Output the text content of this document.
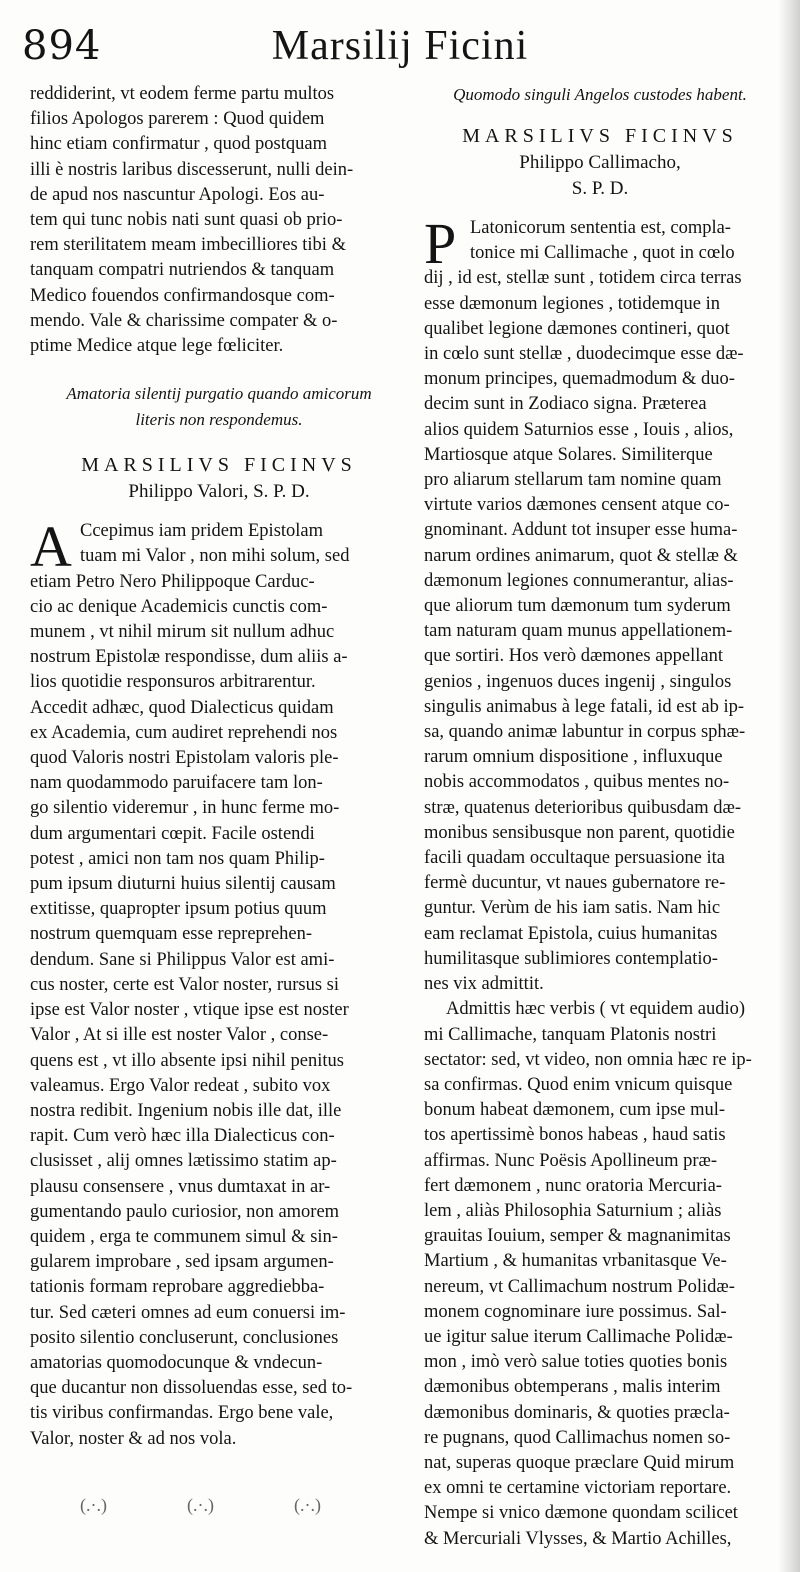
894	Marsilij Ficini
reddiderint, vt eodem ferme partu multos
filios Apologos parerem : Quod quidem
hinc etiam confirmatur , quod postquam
illi è nostris laribus discesserunt, nulli dein-
de apud nos nascuntur Apologi. Eos au-
tem qui tunc nobis nati sunt quasi ob prio-
rem sterilitatem meam imbecilliores tibi &
tanquam compatri nutriendos & tanquam
Medico fouendos confirmandosque com-
mendo. Vale & charissime compater & o-
ptime Medice atque lege fœliciter.
Amatoria silentij purgatio quando amicorum
literis non respondemus.
MARSILIVS FICINVS
Philippo Valori, S. P. D.
A Ccepimus iam pridem Epistolam
tuam mi Valor , non mihi solum, sed
etiam Petro Nero Philippoque Carduc-
cio ac denique Academicis cunctis com-
munem , vt nihil mirum sit nullum adhuc
nostrum Epistolæ respondisse, dum aliis a-
lios quotidie responsuros arbitrarentur.
Accedit adhæc, quod Dialecticus quidam
ex Academia, cum audiret reprehendi nos
quod Valoris nostri Epistolam valoris ple-
nam quodammodo paruifacere tam lon-
go silentio videremur , in hunc ferme mo-
dum argumentari cœpit. Facile ostendi
potest , amici non tam nos quam Philip-
pum ipsum diuturni huius silentij causam
extitisse, quapropter ipsum potius quum
nostrum quemquam esse repreprehen-
dendum. Sane si Philippus Valor est ami-
cus noster, certe est Valor noster, rursus si
ipse est Valor noster , vtique ipse est noster
Valor , At si ille est noster Valor , conse-
quens est , vt illo absente ipsi nihil penitus
valeamus. Ergo Valor redeat , subito vox
nostra redibit. Ingenium nobis ille dat, ille
rapit. Cum verò hæc illa Dialecticus con-
clusisset , alij omnes lætissimo statim ap-
plausu consensere , vnus dumtaxat in ar-
gumentando paulo curiosior, non amorem
quidem , erga te communem simul & sin-
gularem improbare , sed ipsam argumen-
tationis formam reprobare aggrediebba-
tur. Sed cæteri omnes ad eum conuersi im-
posito silentio concluserunt, conclusiones
amatorias quomodocunque & vndecun-
que ducantur non dissoluendas esse, sed to-
tis viribus confirmandas. Ergo bene vale,
Valor, noster & ad nos vola.
Quomodo singuli Angelos custodes habent.
MARSILIVS FICINVS
Philippo Callimacho,
S. P. D.
P Latonicorum sententia est, compla-
tonice mi Callimache , quot in cœlo
dij , id est, stellæ sunt , totidem circa terras
esse dæmonum legiones , totidemque in
qualibet legione dæmones contineri, quot
in cœlo sunt stellæ , duodecimque esse dæ-
monum principes, quemadmodum & duo-
decim sunt in Zodiaco signa. Præterea
alios quidem Saturnios esse , Iouis , alios,
Martiosque atque Solares. Similiterque
pro aliarum stellarum tam nomine quam
virtute varios dæmones censent atque co-
gnominant. Addunt tot insuper esse huma-
narum ordines animarum, quot & stellæ &
dæmonum legiones connumerantur, alias-
que aliorum tum dæmonum tum syderum
tam naturam quam munus appellationem-
que sortiri. Hos verò dæmones appellant
genios , ingenuos duces ingenij , singulos
singulis animabus à lege fatali, id est ab ip-
sa, quando animæ labuntur in corpus sphæ-
rarum omnium dispositione , influxuque
nobis accommodatos , quibus mentes no-
stræ, quatenus deterioribus quibusdam dæ-
monibus sensibusque non parent, quotidie
facili quadam occultaque persuasione ita
fermè ducuntur, vt naues gubernatore re-
guntur. Verùm de his iam satis. Nam hic
eam reclamat Epistola, cuius humanitas
humilitasque sublimiores contemplatio-
nes vix admittit.
Admittis hæc verbis ( vt equidem audio)
mi Callimache, tanquam Platonis nostri
sectator: sed, vt video, non omnia hæc re ip-
sa confirmas. Quod enim vnicum quisque
bonum habeat dæmonem, cum ipse mul-
tos apertissimè bonos habeas , haud satis
affirmas. Nunc Poësis Apollineum præ-
fert dæmonem , nunc oratoria Mercuria-
lem , aliàs Philosophia Saturnium ; aliàs
grauitas Iouium, semper & magnanimitas
Martium , & humanitas vrbanitasque Ve-
nereum, vt Callimachum nostrum Polidæ-
monem cognominare iure possimus. Sal-
ue igitur salue iterum Callimache Polidæ-
mon , imò verò salue toties quoties bonis
dæmonibus obtemperans , malis interim
dæmonibus dominaris, & quoties præcla-
re pugnans, quod Callimachus nomen so-
nat, superas quoque præclare Quid mirum
ex omni te certamine victoriam reportare.
Nempe si vnico dæmone quondam scilicet
& Mercuriali Vlysses, & Martio Achilles,
(.·.)	(.·.)	(.·.)
